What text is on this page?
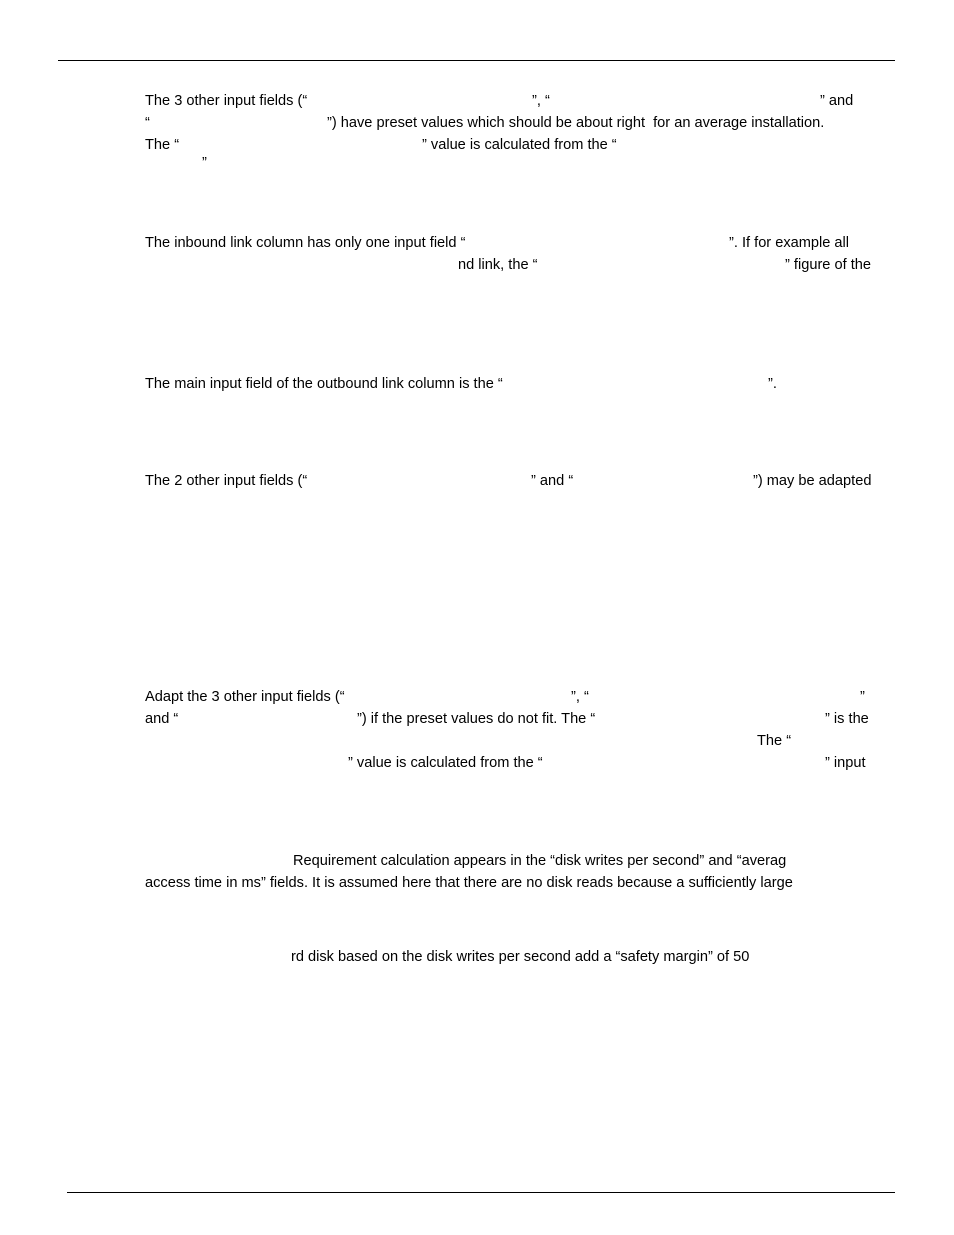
The 3 other input fields (“	”, “	” and

“	”) have preset values which should be about right  for an average installation.

The “	” value is calculated from the “

”

The inbound link column has only one input field “	”. If for example all

nd link, the “	” figure of the

The main input field of the outbound link column is the “	”.

The 2 other input fields (“	” and “	”) may be adapted

Adapt the 3 other input fields (“	”, “	”

and “	”) if the preset values do not fit. The “	” is the

The “

” value is calculated from the “	” input

Requirement calculation appears in the “disk writes per second” and “averag

access time in ms” fields. It is assumed here that there are no disk reads because a sufficiently large

rd disk based on the disk writes per second add a “safety margin” of 50
